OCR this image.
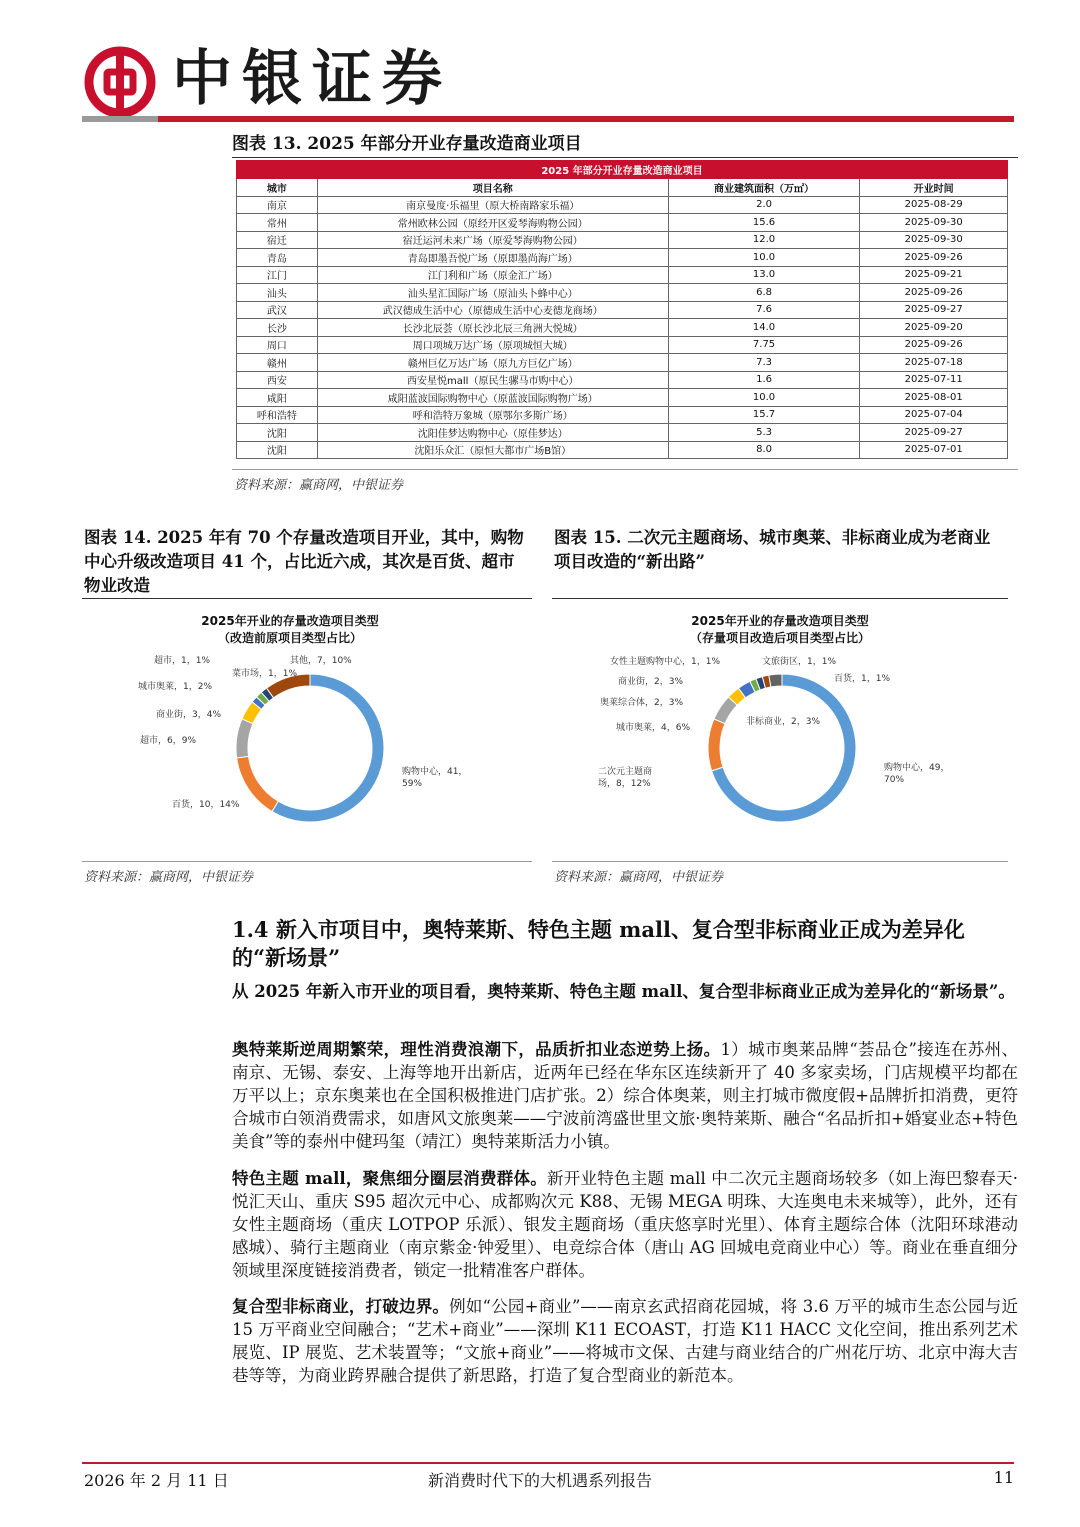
中银证券
图表 13. 2025 年部分开业存量改造商业项目
2025 年部分开业存量改造商业项目			
城市	项目名称	商业建筑面积（万㎡）	开业时间
南京	南京曼度·乐福里（原大桥南路家乐福）	2.0	2025-08-29
常州	常州欧林公园（原经开区爱琴海购物公园）	15.6	2025-09-30
宿迁	宿迁运河未来广场（原爱琴海购物公园）	12.0	2025-09-30
青岛	青岛即墨吾悦广场（原即墨尚海广场）	10.0	2025-09-26
江门	江门利和广场（原金汇广场）	13.0	2025-09-21
汕头	汕头星汇国际广场（原汕头卜蜂中心）	6.8	2025-09-26
武汉	武汉德成生活中心（原德成生活中心麦德龙商场）	7.6	2025-09-27
长沙	长沙北辰荟（原长沙北辰三角洲大悦城）	14.0	2025-09-20
周口	周口项城万达广场（原项城恒大城）	7.75	2025-09-26
赣州	赣州巨亿万达广场（原九方巨亿广场）	7.3	2025-07-18
西安	西安星悦mall（原民生骡马市购中心）	1.6	2025-07-11
咸阳	咸阳蓝波国际购物中心（原蓝波国际购物广场）	10.0	2025-08-01
呼和浩特	呼和浩特万象城（原鄂尔多斯广场）	15.7	2025-07-04
沈阳	沈阳佳梦达购物中心（原佳梦达）	5.3	2025-09-27
沈阳	沈阳乐众汇（原恒大都市广场B馆）	8.0	2025-07-01
资料来源：赢商网，中银证券
图表 14. 2025 年有 70 个存量改造项目开业，其中，购物中心升级改造项目 41 个，占比近六成，其次是百货、超市物业改造
图表 15. 二次元主题商场、城市奥莱、非标商业成为老商业项目改造的“新出路”
2025年开业的存量改造项目类型
（改造前原项目类型占比）
购物中心，41， 59%
百货，10，14%
超市，6，9%
商业街，3，4%
城市奥莱，1，2%
超市，1，1%
菜市场，1，1%
其他，7，10%
2025年开业的存量改造项目类型
（存量项目改造后项目类型占比）
购物中心，49， 70%
二次元主题商场，8，12%
城市奥莱，4，6%
奥莱综合体，2，3%
商业街，2，3%
女性主题购物中心，1，1%	文旅街区，1，1%
百货，1，1%
非标商业，2，3%
资料来源：赢商网，中银证券	资料来源：赢商网，中银证券
1.4 新入市项目中，奥特莱斯、特色主题 mall、复合型非标商业正成为差异化的“新场景”
从 2025 年新入市开业的项目看，奥特莱斯、特色主题 mall、复合型非标商业正成为差异化的“新场景”。
奥特莱斯逆周期繁荣，理性消费浪潮下，品质折扣业态逆势上扬。1）城市奥莱品牌“荟品仓”接连在苏州、南京、无锡、泰安、上海等地开出新店，近两年已经在华东区连续新开了 40 多家卖场，门店规模平均都在万平以上；京东奥莱也在全国积极推进门店扩张。2）综合体奥莱，则主打城市微度假+品牌折扣消费，更符合城市白领消费需求，如唐风文旅奥莱——宁波前湾盛世里文旅·奥特莱斯、融合“名品折扣+婚宴业态+特色美食”等的泰州中健玛玺（靖江）奥特莱斯活力小镇。
特色主题 mall，聚焦细分圈层消费群体。新开业特色主题 mall 中二次元主题商场较多（如上海巴黎春天·悦汇天山、重庆 S95 超次元中心、成都购次元 K88、无锡 MEGA 明珠、大连奥电未来城等），此外，还有女性主题商场（重庆 LOTPOP 乐派）、银发主题商场（重庆悠享时光里）、体育主题综合体（沈阳环球港动感城）、骑行主题商业（南京紫金·钟爱里）、电竞综合体（唐山 AG 回城电竞商业中心）等。商业在垂直细分领域里深度链接消费者，锁定一批精准客户群体。
复合型非标商业，打破边界。例如“公园+商业”——南京玄武招商花园城，将 3.6 万平的城市生态公园与近 15 万平商业空间融合；“艺术+商业”——深圳 K11 ECOAST，打造 K11 HACC 文化空间，推出系列艺术展览、IP 展览、艺术装置等；“文旅+商业”——将城市文保、古建与商业结合的广州花厅坊、北京中海大吉巷等等，为商业跨界融合提供了新思路，打造了复合型商业的新范本。
2026 年 2 月 11 日	新消费时代下的大机遇系列报告	11
